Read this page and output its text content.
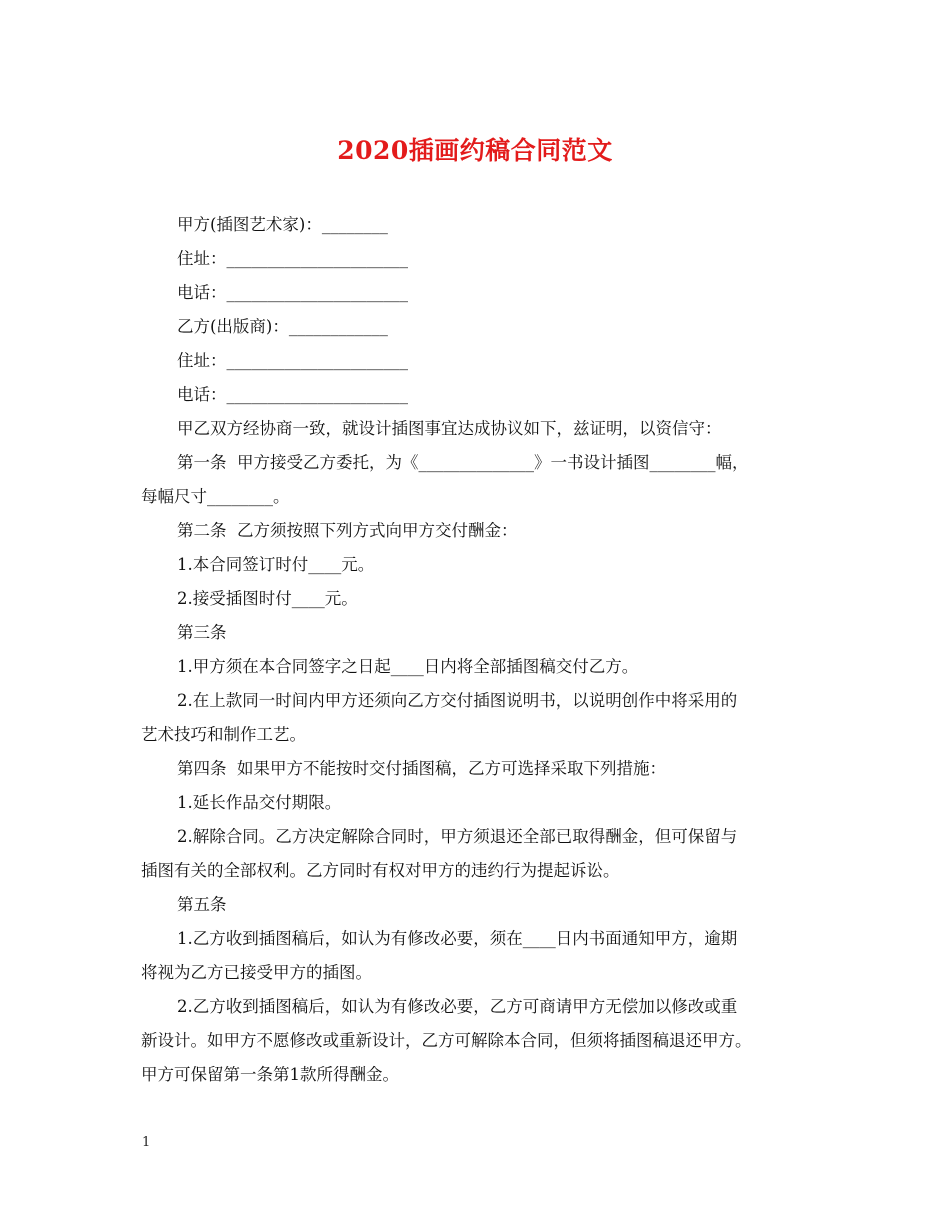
2020插画约稿合同范文
甲方(插图艺术家)：________
住址：______________________
电话：______________________
乙方(出版商)：____________
住址：______________________
电话：______________________
甲乙双方经协商一致，就设计插图事宜达成协议如下，兹证明，以资信守：
第一条  甲方接受乙方委托，为《______________》一书设计插图________幅，
每幅尺寸________。
第二条  乙方须按照下列方式向甲方交付酬金：
1.本合同签订时付____元。
2.接受插图时付____元。
第三条
1.甲方须在本合同签字之日起____日内将全部插图稿交付乙方。
2.在上款同一时间内甲方还须向乙方交付插图说明书，以说明创作中将采用的
艺术技巧和制作工艺。
第四条  如果甲方不能按时交付插图稿，乙方可选择采取下列措施：
1.延长作品交付期限。
2.解除合同。乙方决定解除合同时，甲方须退还全部已取得酬金，但可保留与
插图有关的全部权利。乙方同时有权对甲方的违约行为提起诉讼。
第五条
1.乙方收到插图稿后，如认为有修改必要，须在____日内书面通知甲方，逾期
将视为乙方已接受甲方的插图。
2.乙方收到插图稿后，如认为有修改必要，乙方可商请甲方无偿加以修改或重
新设计。如甲方不愿修改或重新设计，乙方可解除本合同，但须将插图稿退还甲方。
甲方可保留第一条第1款所得酬金。
1
